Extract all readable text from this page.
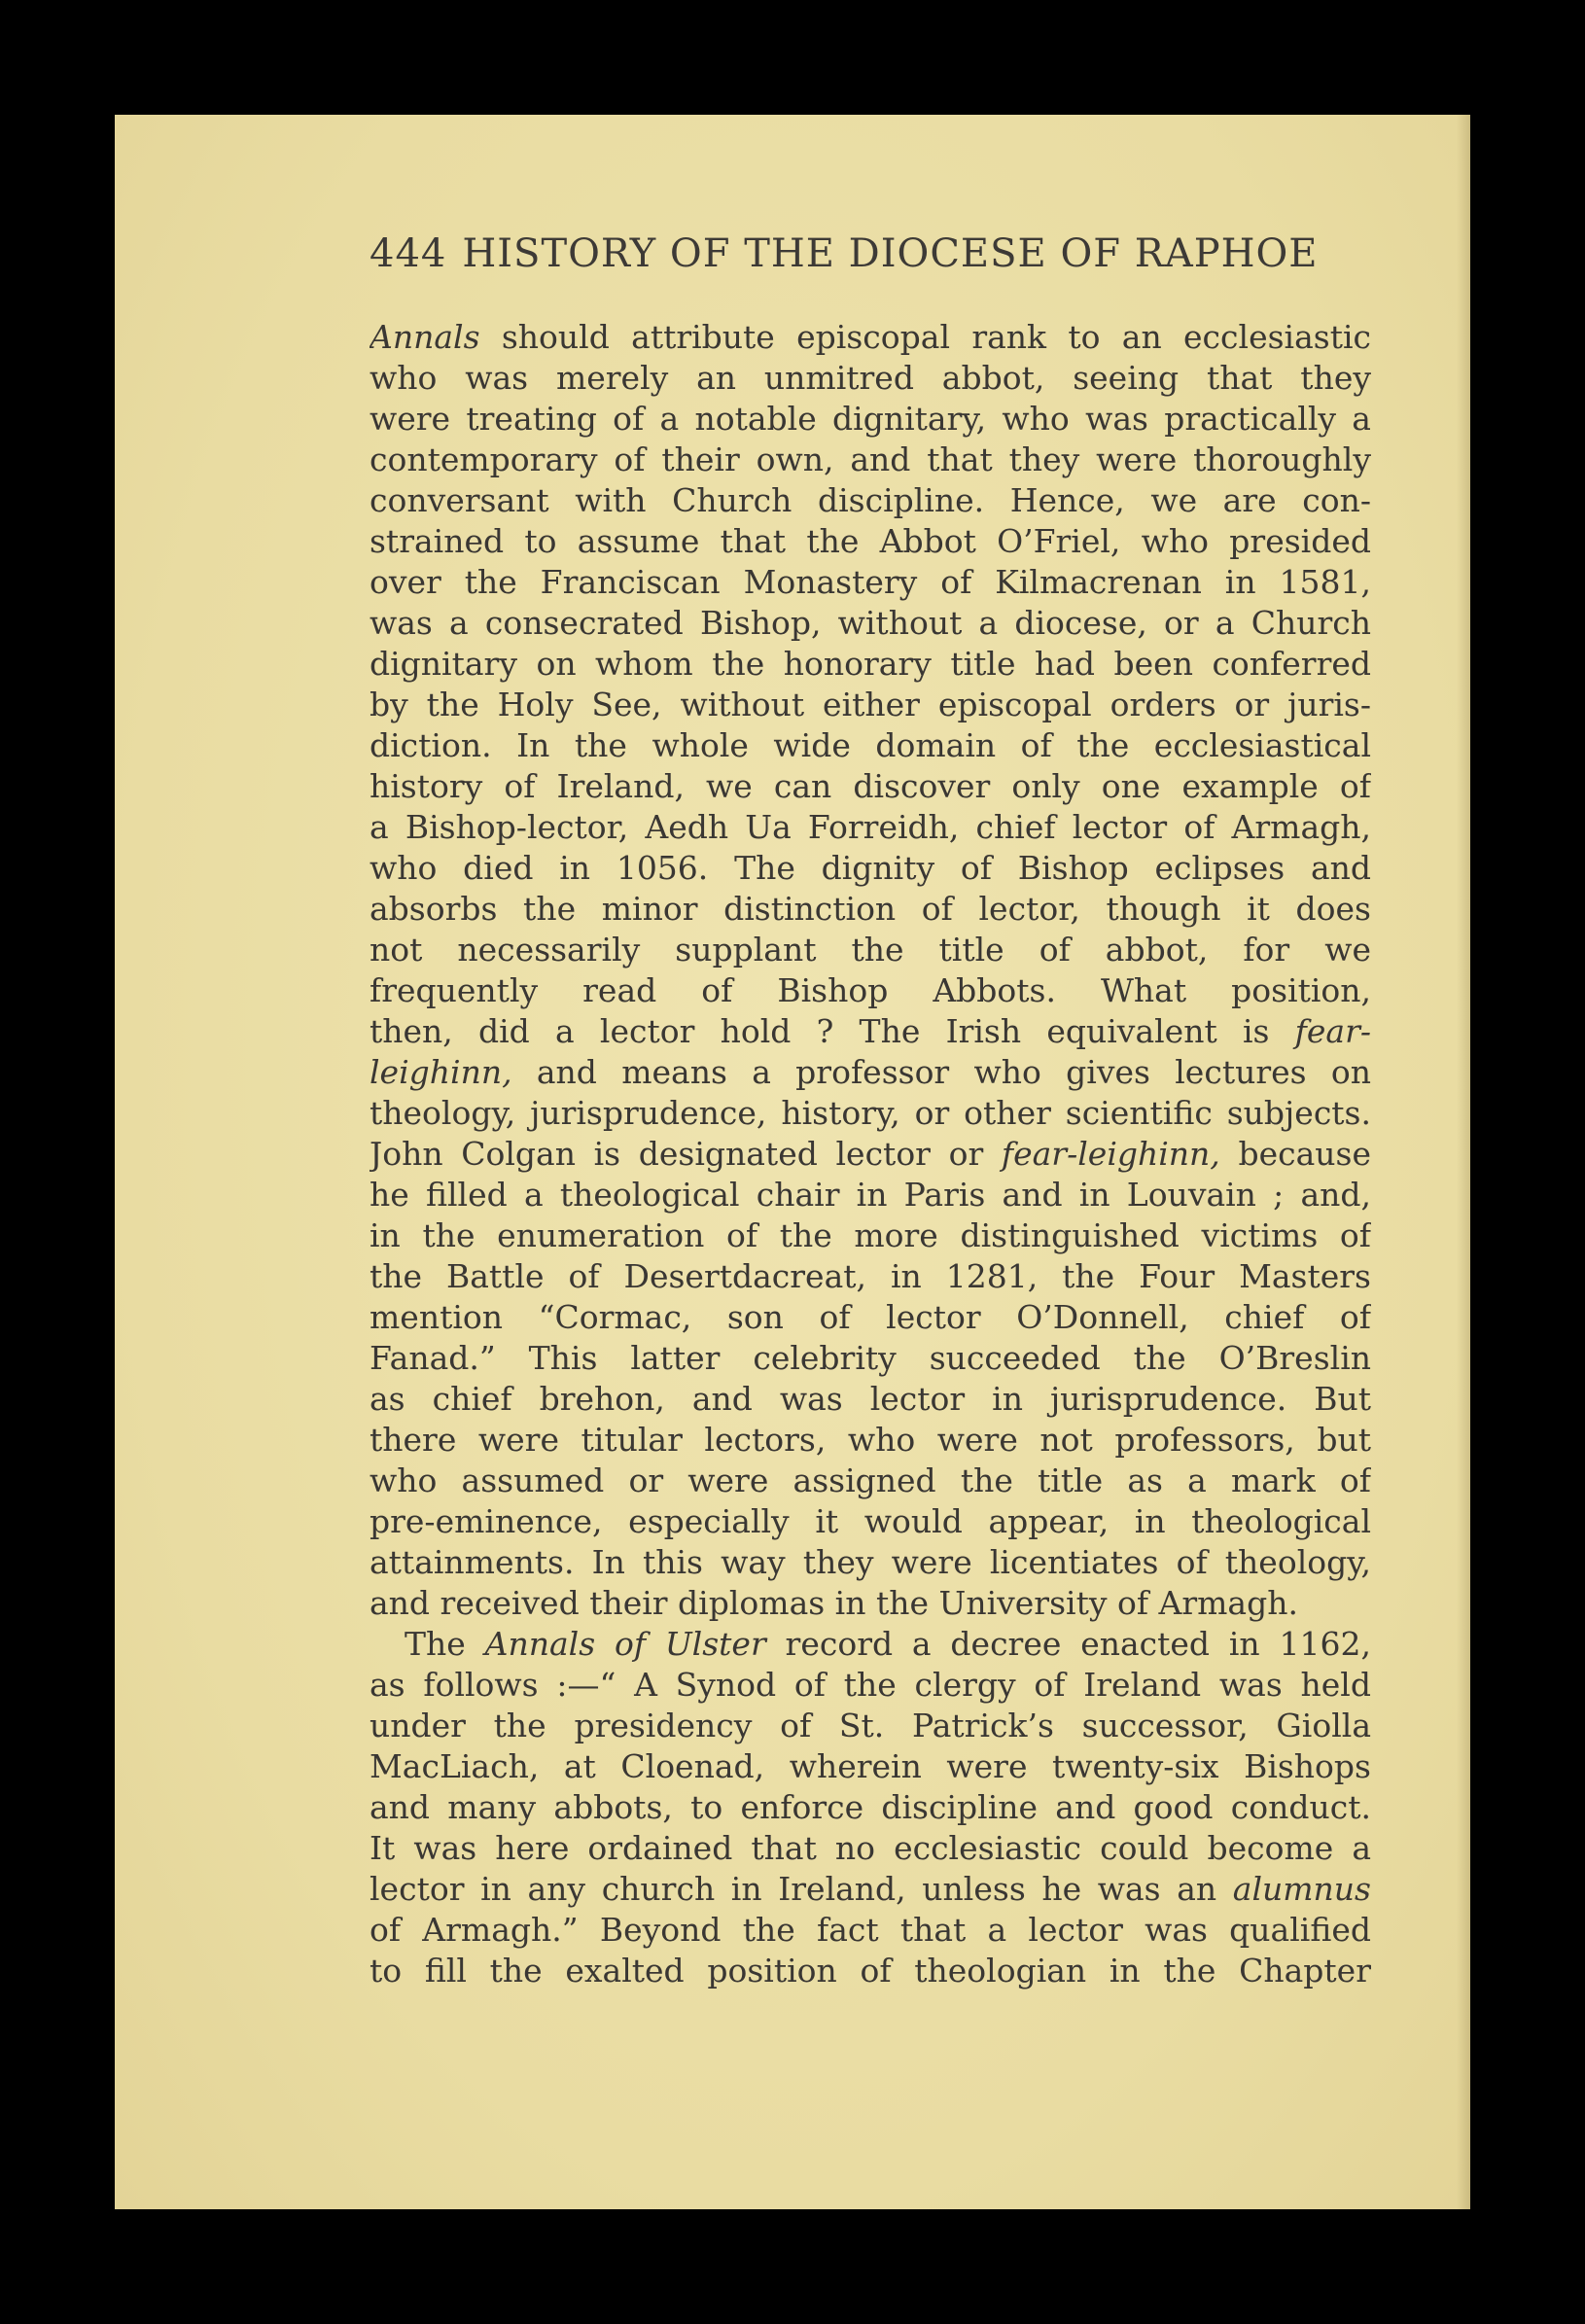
444 HISTORY OF THE DIOCESE OF RAPHOE
Annals should attribute episcopal rank to an ecclesiastic
who was merely an unmitred abbot, seeing that they
were treating of a notable dignitary, who was practically a
contemporary of their own, and that they were thoroughly
conversant with Church discipline. Hence, we are con-
strained to assume that the Abbot O’Friel, who presided
over the Franciscan Monastery of Kilmacrenan in 1581,
was a consecrated Bishop, without a diocese, or a Church
dignitary on whom the honorary title had been conferred
by the Holy See, without either episcopal orders or juris-
diction. In the whole wide domain of the ecclesiastical
history of Ireland, we can discover only one example of
a Bishop-lector, Aedh Ua Forreidh, chief lector of Armagh,
who died in 1056. The dignity of Bishop eclipses and
absorbs the minor distinction of lector, though it does
not necessarily supplant the title of abbot, for we
frequently read of Bishop Abbots. What position,
then, did a lector hold ? The Irish equivalent is fear-
leighinn, and means a professor who gives lectures on
theology, jurisprudence, history, or other scientific subjects.
John Colgan is designated lector or fear-leighinn, because
he filled a theological chair in Paris and in Louvain ; and,
in the enumeration of the more distinguished victims of
the Battle of Desertdacreat, in 1281, the Four Masters
mention “Cormac, son of lector O’Donnell, chief of
Fanad.” This latter celebrity succeeded the O’Breslin
as chief brehon, and was lector in jurisprudence. But
there were titular lectors, who were not professors, but
who assumed or were assigned the title as a mark of
pre-eminence, especially it would appear, in theological
attainments. In this way they were licentiates of theology,
and received their diplomas in the University of Armagh.
The Annals of Ulster record a decree enacted in 1162,
as follows :—“ A Synod of the clergy of Ireland was held
under the presidency of St. Patrick’s successor, Giolla
MacLiach, at Cloenad, wherein were twenty-six Bishops
and many abbots, to enforce discipline and good conduct.
It was here ordained that no ecclesiastic could become a
lector in any church in Ireland, unless he was an alumnus
of Armagh.” Beyond the fact that a lector was qualified
to fill the exalted position of theologian in the Chapter
